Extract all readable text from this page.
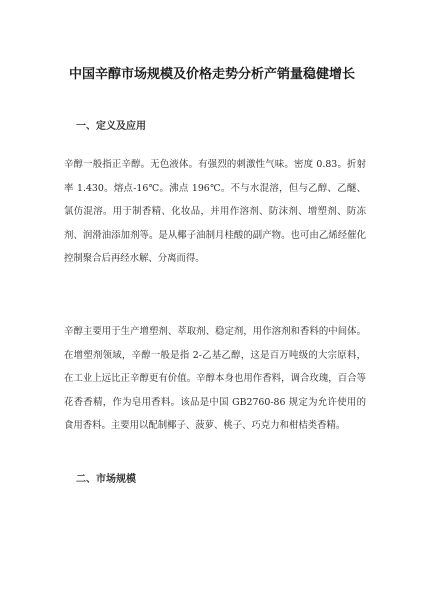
中国辛醇市场规模及价格走势分析产销量稳健增长
一、定义及应用

辛醇一般指正辛醇。无色液体。有强烈的刺激性气味。密度 0.83。折射率 1.430。熔点-16℃。沸点 196℃。不与水混溶，但与乙醇、乙醚、氯仿混溶。用于制香精、化妆品，并用作溶剂、防沫剂、增塑剂、防冻剂、润滑油添加剂等。是从椰子油制月桂酸的副产物。也可由乙烯经催化控制聚合后再经水解、分离而得。

辛醇主要用于生产增塑剂、萃取剂、稳定剂，用作溶剂和香料的中间体。在增塑剂领域，辛醇一般是指 2-乙基乙醇，这是百万吨级的大宗原料，在工业上远比正辛醇更有价值。辛醇本身也用作香料，调合玫瑰，百合等花香香精，作为皂用香料。该品是中国 GB2760-86 规定为允许使用的食用香料。主要用以配制椰子、菠萝、桃子、巧克力和柑桔类香精。

二、市场规模
